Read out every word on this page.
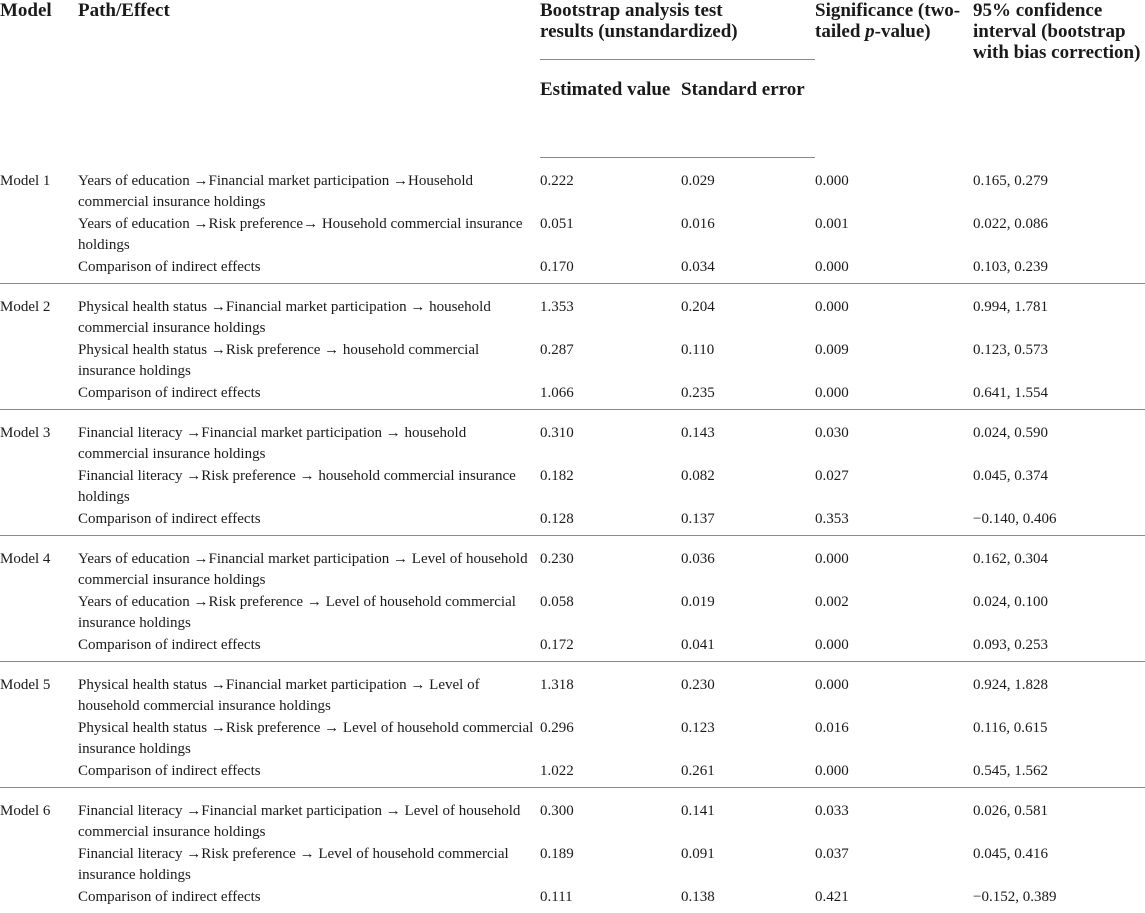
Model	Path/Effect	Bootstrap analysis test results (unstandardized)		Significance (two-tailed p-value)	95% confidence interval (bootstrap with bias correction)
		Estimated value	Standard error		
Model 1	Years of education →Financial market participation →Household commercial insurance holdings	0.222	0.029	0.000	0.165, 0.279
	Years of education →Risk preference→ Household commercial insurance holdings	0.051	0.016	0.001	0.022, 0.086
	Comparison of indirect effects	0.170	0.034	0.000	0.103, 0.239
Model 2	Physical health status →Financial market participation → household commercial insurance holdings	1.353	0.204	0.000	0.994, 1.781
	Physical health status →Risk preference → household commercial insurance holdings	0.287	0.110	0.009	0.123, 0.573
	Comparison of indirect effects	1.066	0.235	0.000	0.641, 1.554
Model 3	Financial literacy →Financial market participation → household commercial insurance holdings	0.310	0.143	0.030	0.024, 0.590
	Financial literacy →Risk preference → household commercial insurance holdings	0.182	0.082	0.027	0.045, 0.374
	Comparison of indirect effects	0.128	0.137	0.353	−0.140, 0.406
Model 4	Years of education →Financial market participation → Level of household commercial insurance holdings	0.230	0.036	0.000	0.162, 0.304
	Years of education →Risk preference → Level of household commercial insurance holdings	0.058	0.019	0.002	0.024, 0.100
	Comparison of indirect effects	0.172	0.041	0.000	0.093, 0.253
Model 5	Physical health status →Financial market participation → Level of household commercial insurance holdings	1.318	0.230	0.000	0.924, 1.828
	Physical health status →Risk preference → Level of household commercial insurance holdings	0.296	0.123	0.016	0.116, 0.615
	Comparison of indirect effects	1.022	0.261	0.000	0.545, 1.562
Model 6	Financial literacy →Financial market participation → Level of household commercial insurance holdings	0.300	0.141	0.033	0.026, 0.581
	Financial literacy →Risk preference → Level of household commercial insurance holdings	0.189	0.091	0.037	0.045, 0.416
	Comparison of indirect effects	0.111	0.138	0.421	−0.152, 0.389
